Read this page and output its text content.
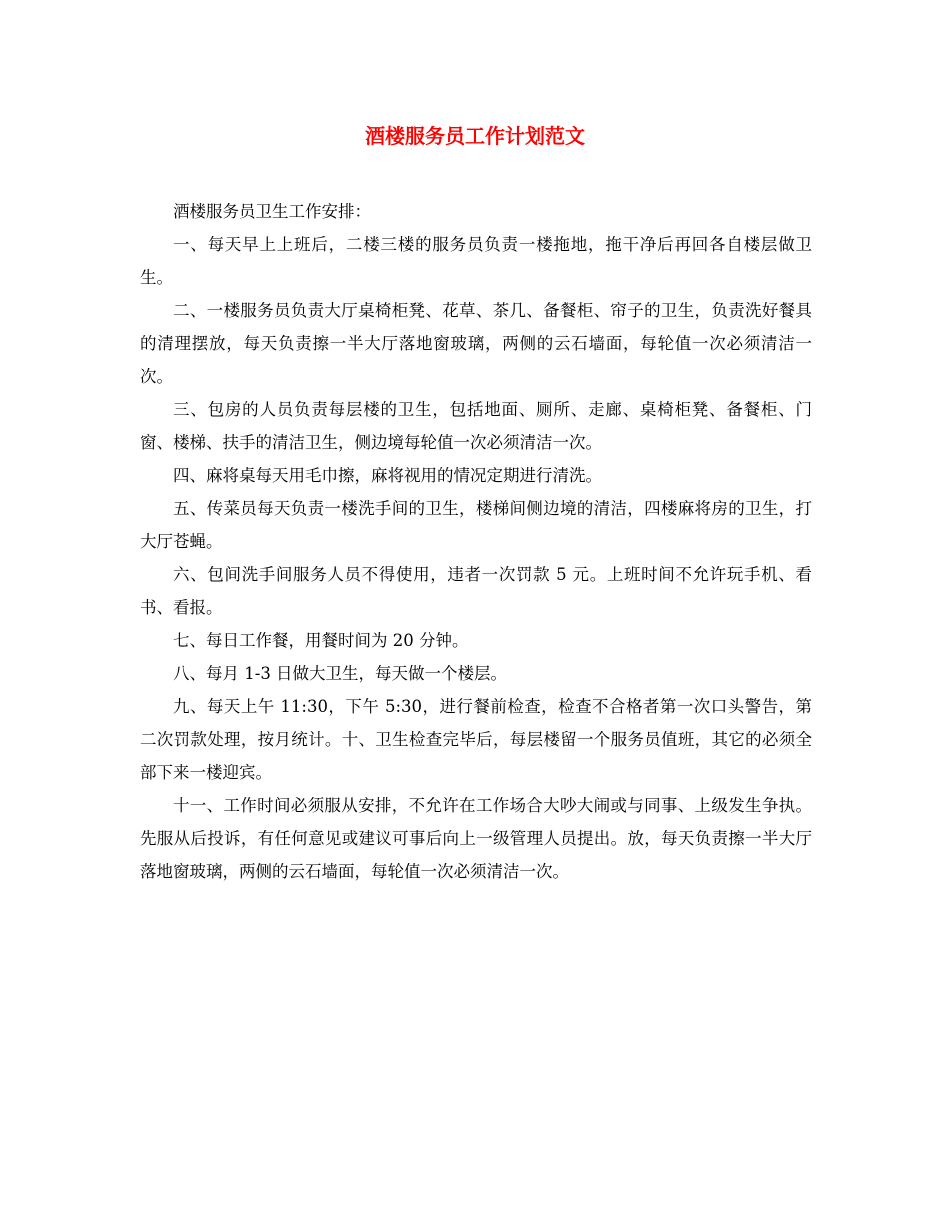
酒楼服务员工作计划范文

酒楼服务员卫生工作安排：

一、每天早上上班后，二楼三楼的服务员负责一楼拖地，拖干净后再回各自楼层做卫生。

二、一楼服务员负责大厅桌椅柜凳、花草、茶几、备餐柜、帘子的卫生，负责洗好餐具的清理摆放，每天负责擦一半大厅落地窗玻璃，两侧的云石墙面，每轮值一次必须清洁一次。

三、包房的人员负责每层楼的卫生，包括地面、厕所、走廊、桌椅柜凳、备餐柜、门窗、楼梯、扶手的清洁卫生，侧边境每轮值一次必须清洁一次。

四、麻将桌每天用毛巾擦，麻将视用的情况定期进行清洗。

五、传菜员每天负责一楼洗手间的卫生，楼梯间侧边境的清洁，四楼麻将房的卫生，打大厅苍蝇。

六、包间洗手间服务人员不得使用，违者一次罚款 5 元。上班时间不允许玩手机、看书、看报。

七、每日工作餐，用餐时间为 20 分钟。

八、每月 1-3 日做大卫生，每天做一个楼层。

九、每天上午 11:30，下午 5:30，进行餐前检查，检查不合格者第一次口头警告，第二次罚款处理，按月统计。十、卫生检查完毕后，每层楼留一个服务员值班，其它的必须全部下来一楼迎宾。

十一、工作时间必须服从安排，不允许在工作场合大吵大闹或与同事、上级发生争执。先服从后投诉，有任何意见或建议可事后向上一级管理人员提出。放，每天负责擦一半大厅落地窗玻璃，两侧的云石墙面，每轮值一次必须清洁一次。
